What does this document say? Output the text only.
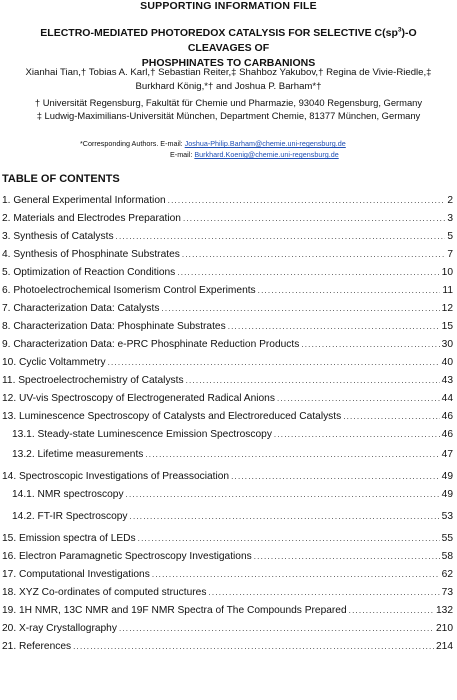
SUPPORTING INFORMATION FILE
ELECTRO-MEDIATED PHOTOREDOX CATALYSIS FOR SELECTIVE $C(sp^3)-O$ CLEAVAGES OF
PHOSPHINATES TO CARBANIONS
Xianhai Tian,† Tobias A. Karl,† Sebastian Reiter,‡ Shahboz Yakubov,† Regina de Vivie-Riedle,‡
Burkhard König,*† and Joshua P. Barham*†
† Universität Regensburg, Fakultät für Chemie und Pharmazie, 93040 Regensburg, Germany
‡ Ludwig-Maximilians-Universität München, Department Chemie, 81377 München, Germany
*Corresponding Authors. E-mail: Joshua-Philip.Barham@chemie.uni-regensburg.de
E-mail: Burkhard.Koenig@chemie.uni-regensburg.de
TABLE OF CONTENTS
1. General Experimental Information .....	2
2. Materials and Electrodes Preparation .....	3
3. Synthesis of Catalysts .....	5
4. Synthesis of Phosphinate Substrates .....	7
5. Optimization of Reaction Conditions .....	10
6. Photoelectrochemical Isomerism Control Experiments .....	11
7. Characterization Data: Catalysts .....	12
8. Characterization Data: Phosphinate Substrates .....	15
9. Characterization Data: e-PRC Phosphinate Reduction Products .....	30
10. Cyclic Voltammetry .....	40
11. Spectroelectrochemistry of Catalysts .....	43
12. UV-vis Spectroscopy of Electrogenerated Radical Anions .....	44
13. Luminescence Spectroscopy of Catalysts and Electroreduced Catalysts .....	46
13.1. Steady-state Luminescence Emission Spectroscopy .....	46
13.2. Lifetime measurements .....	47
14. Spectroscopic Investigations of Preassociation .....	49
14.1. NMR spectroscopy .....	49
14.2. FT-IR Spectroscopy .....	53
15. Emission spectra of LEDs .....	55
16. Electron Paramagnetic Spectroscopy Investigations .....	58
17. Computational Investigations .....	62
18. XYZ Co-ordinates of computed structures .....	73
19. 1H NMR, 13C NMR and 19F NMR Spectra of The Compounds Prepared .....	132
20. X-ray Crystallography .....	210
21. References .....	214
